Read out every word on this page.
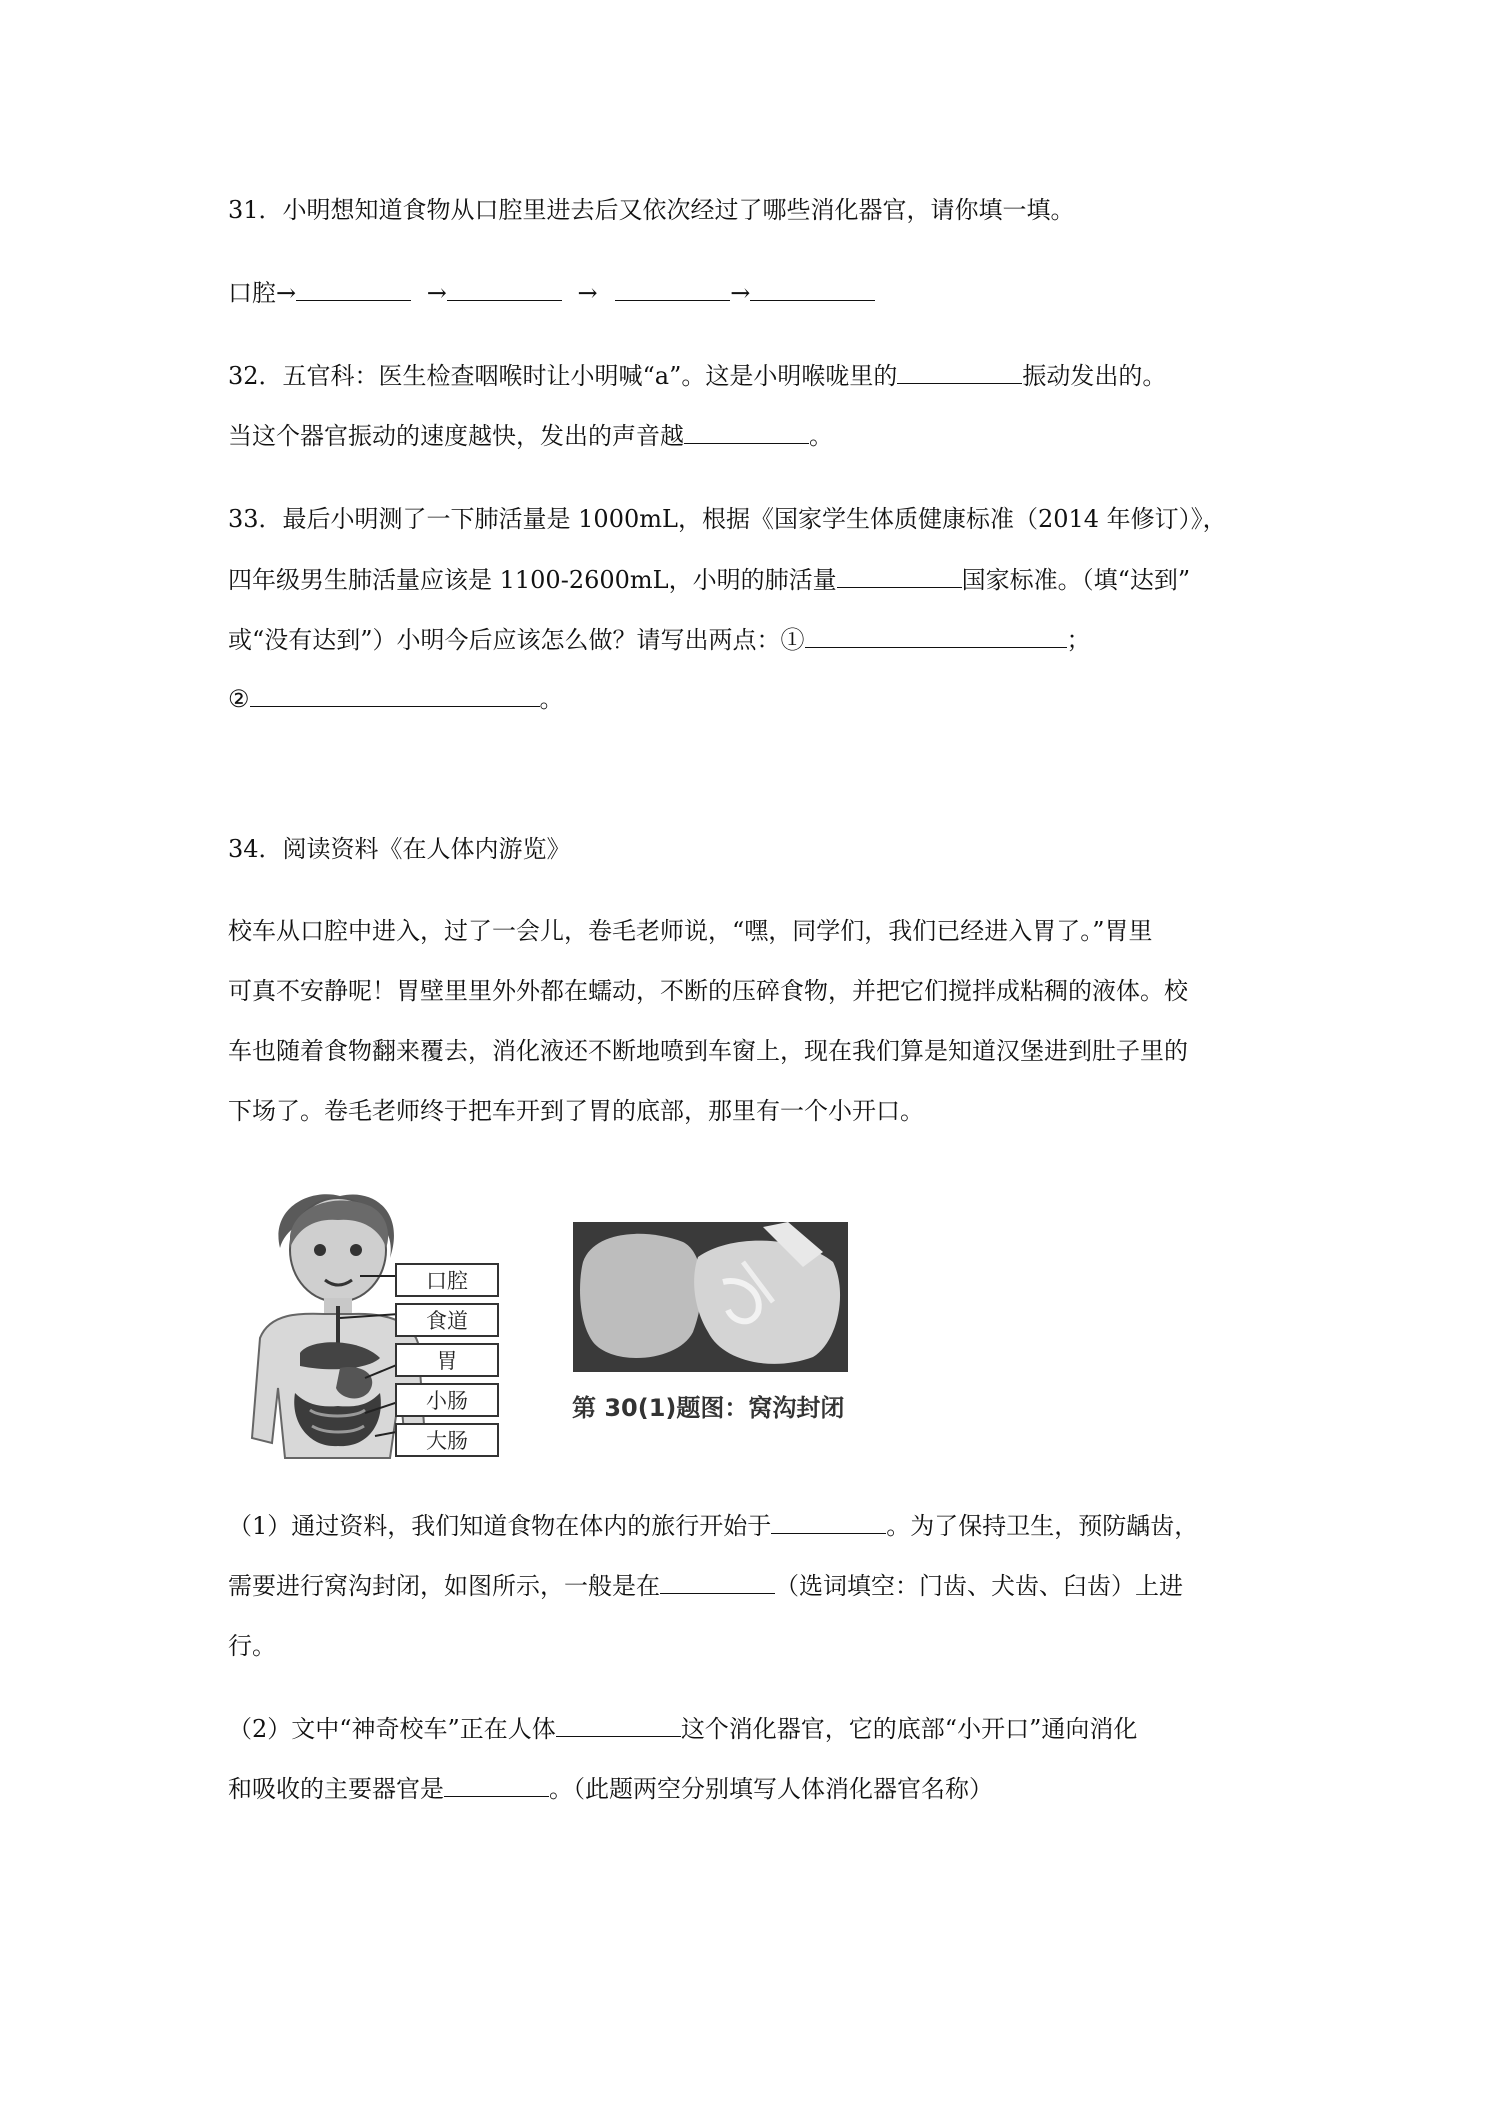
31．小明想知道食物从口腔里进去后又依次经过了哪些消化器官，请你填一填。
口腔→	→	→	→
32．五官科：医生检查咽喉时让小明喊“a”。这是小明喉咙里的	振动发出的。
当这个器官振动的速度越快，发出的声音越	。
33．最后小明测了一下肺活量是 1000mL，根据《国家学生体质健康标准（2014 年修订）》，
四年级男生肺活量应该是 1100-2600mL，小明的肺活量	国家标准。（填“达到”
或“没有达到”）小明今后应该怎么做？请写出两点：①	；
②	。
34．阅读资料《在人体内游览》
校车从口腔中进入，过了一会儿，卷毛老师说，“嘿，同学们，我们已经进入胃了。”胃里
可真不安静呢！胃壁里里外外都在蠕动，不断的压碎食物，并把它们搅拌成粘稠的液体。校
车也随着食物翻来覆去，消化液还不断地喷到车窗上，现在我们算是知道汉堡进到肚子里的
下场了。卷毛老师终于把车开到了胃的底部，那里有一个小开口。
口腔
食道
胃
小肠
大肠
第 30(1)题图：窝沟封闭
（1）通过资料，我们知道食物在体内的旅行开始于	。为了保持卫生，预防龋齿，
需要进行窝沟封闭，如图所示，一般是在	（选词填空：门齿、犬齿、臼齿）上进
行。
（2）文中“神奇校车”正在人体	这个消化器官，它的底部“小开口”通向消化
和吸收的主要器官是	。（此题两空分别填写人体消化器官名称）
